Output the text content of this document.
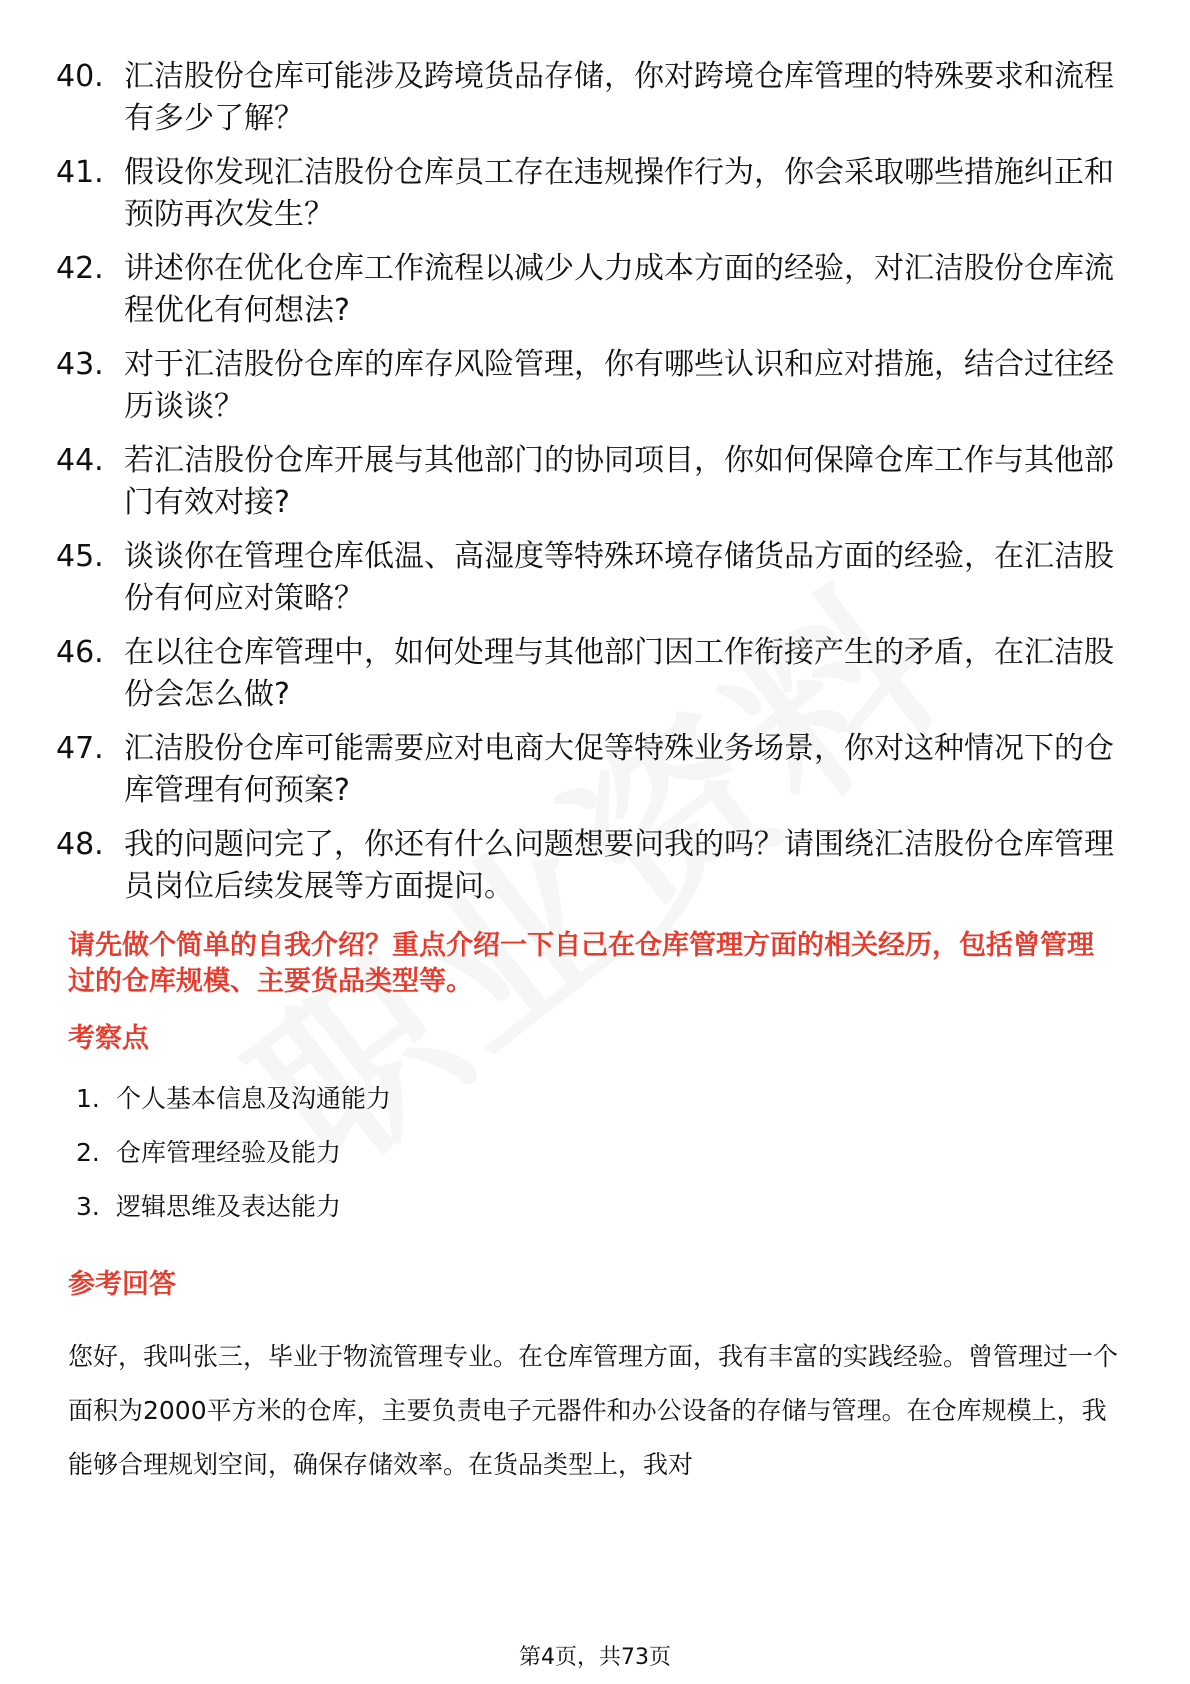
40. 汇洁股份仓库可能涉及跨境货品存储，你对跨境仓库管理的特殊要求和流程有多少了解？
41. 假设你发现汇洁股份仓库员工存在违规操作行为，你会采取哪些措施纠正和预防再次发生？
42. 讲述你在优化仓库工作流程以减少人力成本方面的经验，对汇洁股份仓库流程优化有何想法?
43. 对于汇洁股份仓库的库存风险管理，你有哪些认识和应对措施，结合过往经历谈谈？
44. 若汇洁股份仓库开展与其他部门的协同项目，你如何保障仓库工作与其他部门有效对接?
45. 谈谈你在管理仓库低温、高湿度等特殊环境存储货品方面的经验，在汇洁股份有何应对策略？
46. 在以往仓库管理中，如何处理与其他部门因工作衔接产生的矛盾，在汇洁股份会怎么做?
47. 汇洁股份仓库可能需要应对电商大促等特殊业务场景，你对这种情况下的仓库管理有何预案?
48. 我的问题问完了，你还有什么问题想要问我的吗？请围绕汇洁股份仓库管理员岗位后续发展等方面提问。

请先做个简单的自我介绍？重点介绍一下自己在仓库管理方面的相关经历，包括曾管理过的仓库规模、主要货品类型等。

考察点
1. 个人基本信息及沟通能力
2. 仓库管理经验及能力
3. 逻辑思维及表达能力
参考回答

您好，我叫张三，毕业于物流管理专业。在仓库管理方面，我有丰富的实践经验。曾管理过一个面积为2000平方米的仓库，主要负责电子元器件和办公设备的存储与管理。在仓库规模上，我能够合理规划空间，确保存储效率。在货品类型上，我对

第4页，共73页
